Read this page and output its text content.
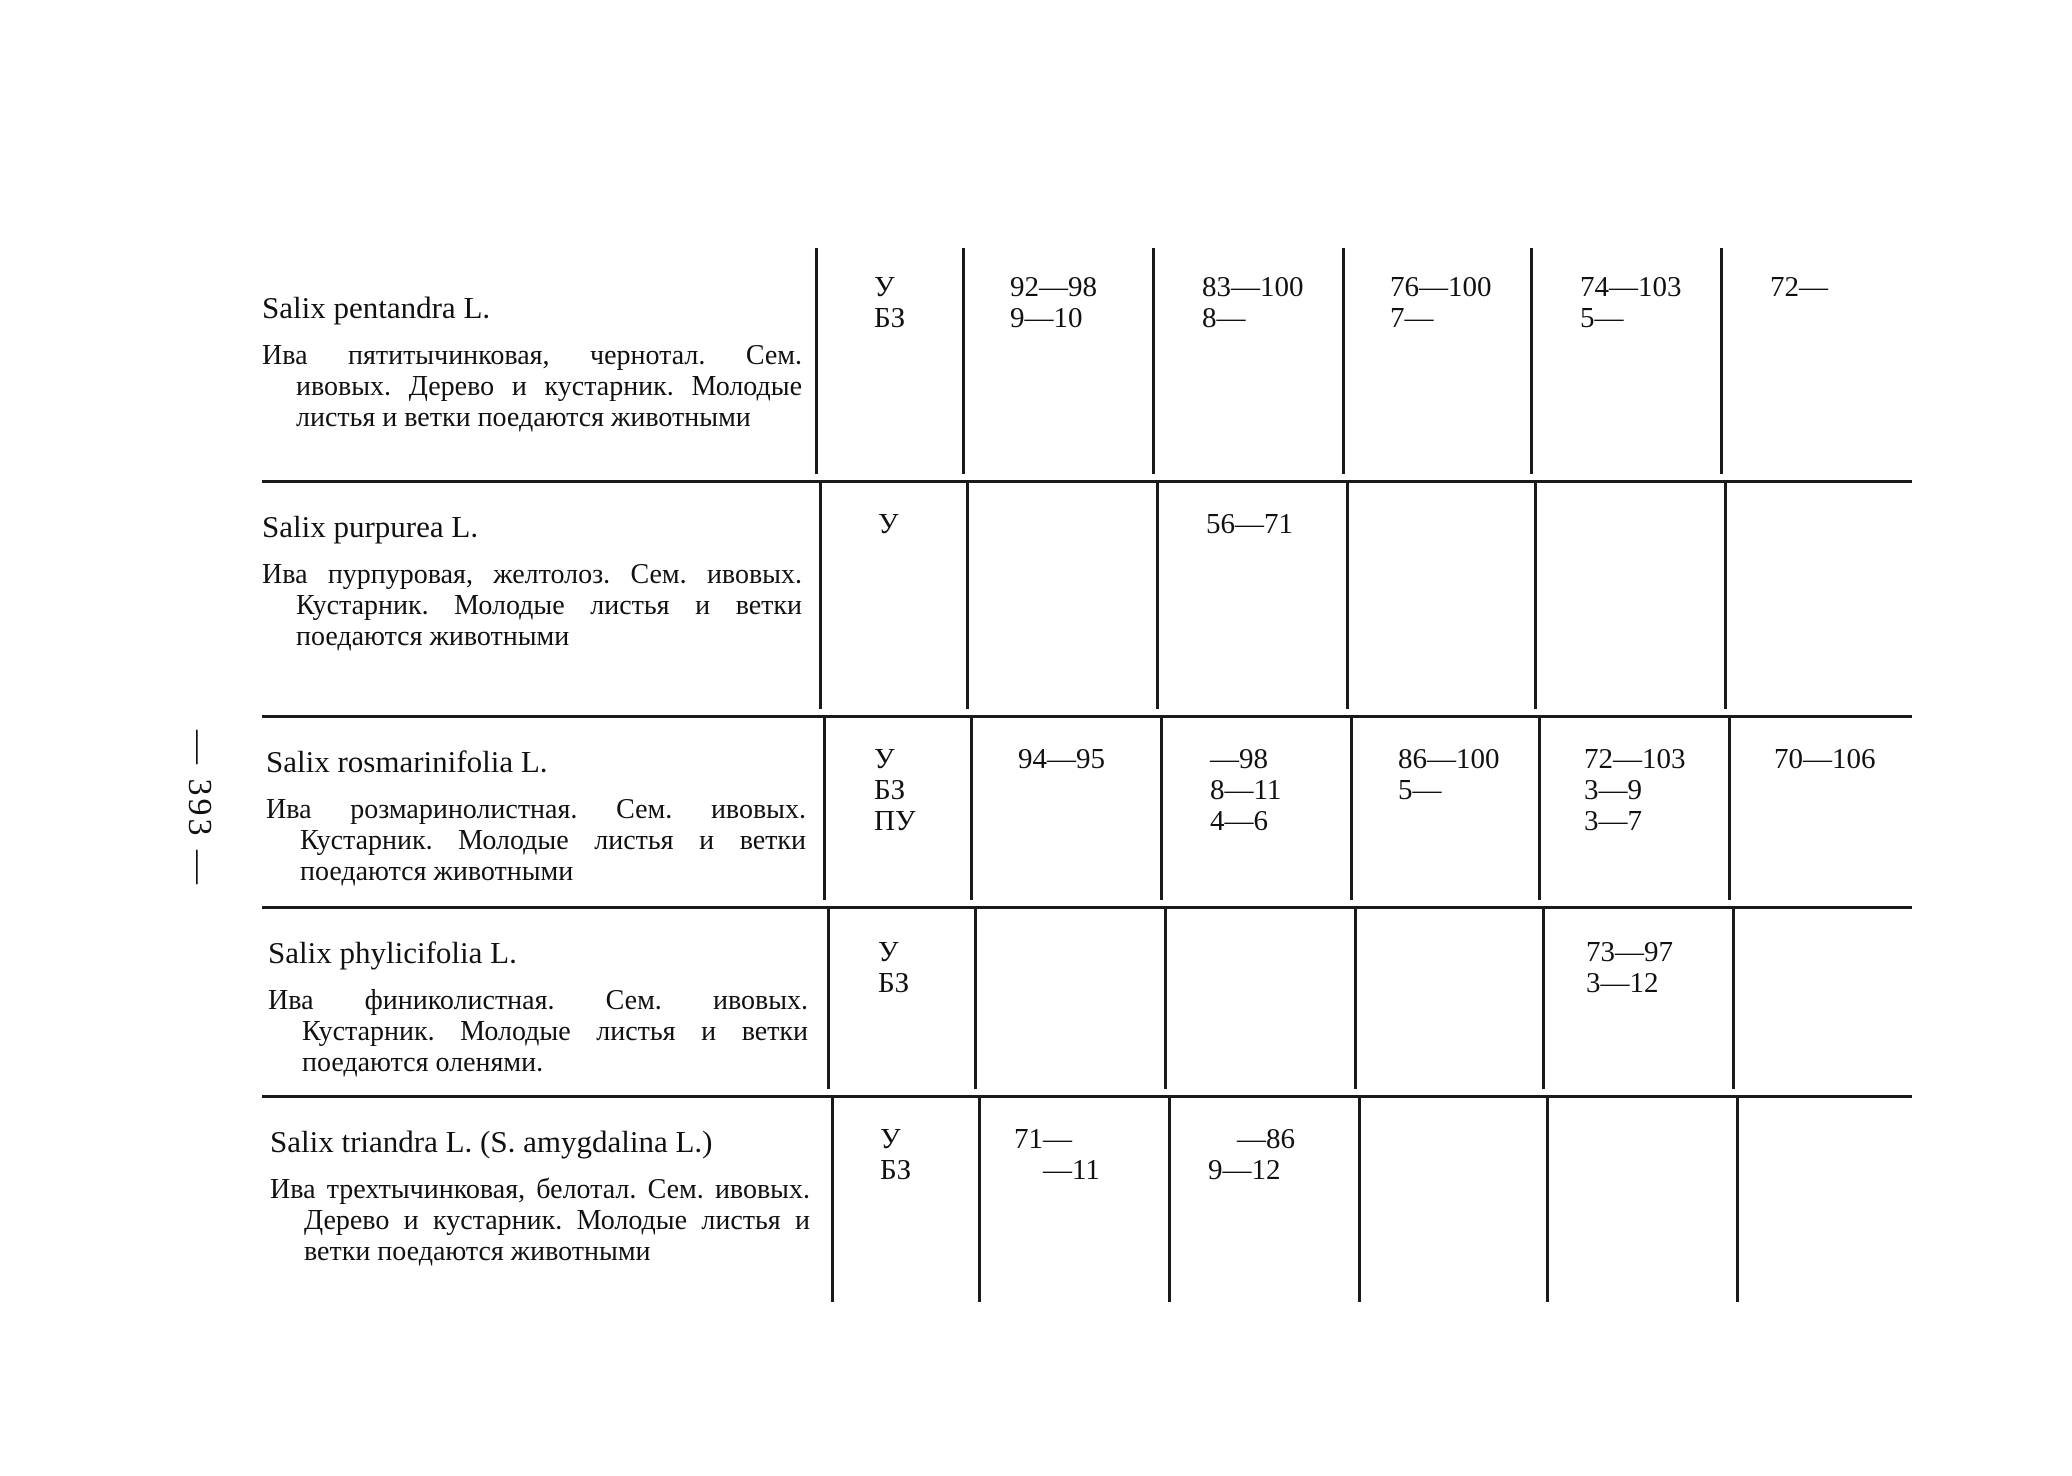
— 393 —
Salix pentandra L.
Ива пятитычинковая, чернотал. Сем. ивовых. Дерево и кустарник. Молодые листья и ветки поедаются животными
У
БЗ
92—98
9—10
83—100
8—
76—100
7—
74—103
5—
72—
Salix purpurea L.
Ива пурпуровая, желтолоз. Сем. ивовых. Кустарник. Молодые листья и ветки поедаются животными
У	56—71
Salix rosmarinifolia L.
Ива розмаринолистная. Сем. ивовых. Кустарник. Молодые листья и ветки поедаются животными
У
БЗ
ПУ
94—95	—98
8—11
4—6
86—100
5—
72—103
3—9
3—7
70—106
Salix phylicifolia L.
Ива финиколистная. Сем. ивовых. Кустарник. Молодые листья и ветки поедаются оленями.
У
БЗ
73—97
3—12
Salix triandra L. (S. amygdalina L.)
Ива трехтычинковая, белотал. Сем. ивовых. Дерево и кустарник. Молодые листья и ветки поедаются животными
У
БЗ
71—
—11
—86
9—12
